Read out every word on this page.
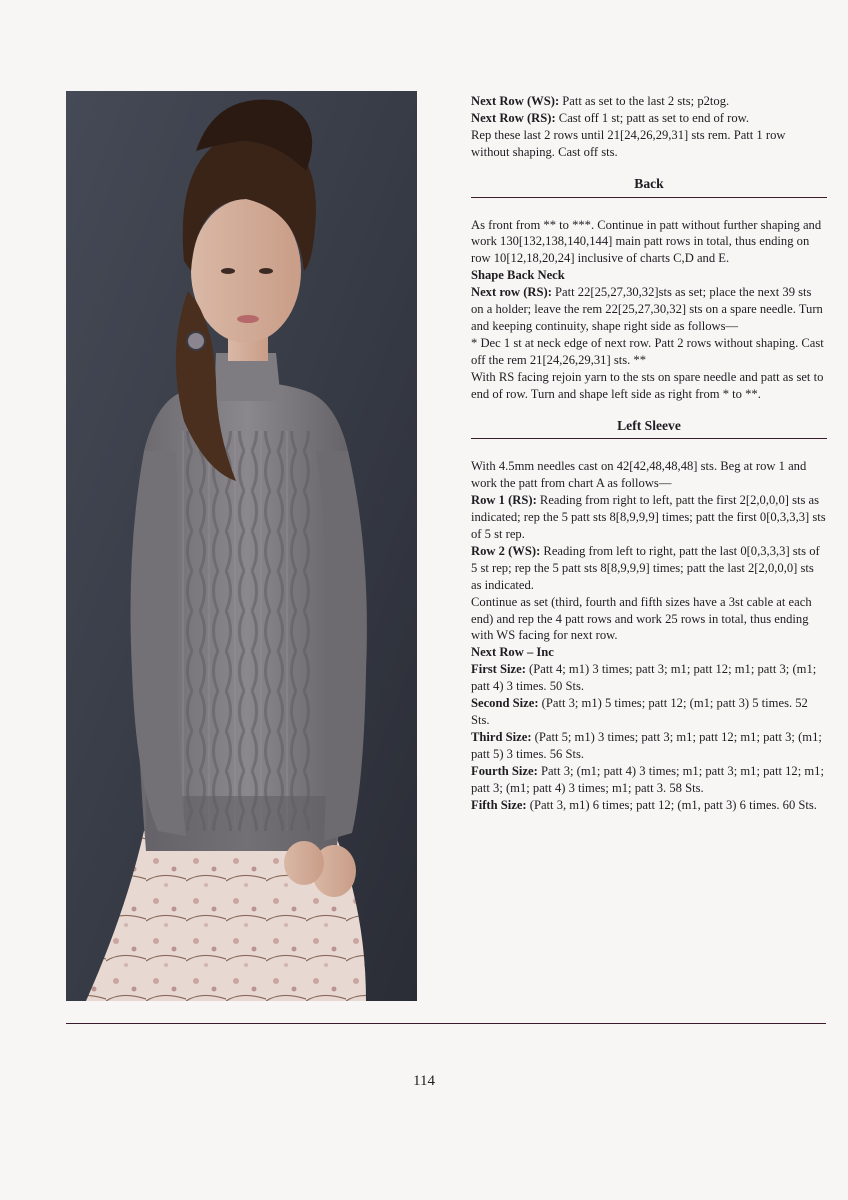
Next Row (WS): Patt as set to the last 2 sts; p2tog.

Next Row (RS): Cast off 1 st; patt as set to end of row.

Rep these last 2 rows until 21[24,26,29,31] sts rem. Patt 1 row without shaping. Cast off sts.

Back

As front from ** to ***. Continue in patt without further shaping and work 130[132,138,140,144] main patt rows in total, thus ending on row 10[12,18,20,24] inclusive of charts C,D and E.

Shape Back Neck

Next row (RS): Patt 22[25,27,30,32]sts as set; place the next 39 sts on a holder; leave the rem 22[25,27,30,32] sts on a spare needle. Turn and keeping continuity, shape right side as follows—

* Dec 1 st at neck edge of next row. Patt 2 rows without shaping. Cast off the rem 21[24,26,29,31] sts. **

With RS facing rejoin yarn to the sts on spare needle and patt as set to end of row. Turn and shape left side as right from * to **.

Left Sleeve

With 4.5mm needles cast on 42[42,48,48,48] sts. Beg at row 1 and work the patt from chart A as follows—

Row 1 (RS): Reading from right to left, patt the first 2[2,0,0,0] sts as indicated; rep the 5 patt sts 8[8,9,9,9] times; patt the first 0[0,3,3,3] sts of 5 st rep.

Row 2 (WS): Reading from left to right, patt the last 0[0,3,3,3] sts of 5 st rep; rep the 5 patt sts 8[8,9,9,9] times; patt the last 2[2,0,0,0] sts as indicated.

Continue as set (third, fourth and fifth sizes have a 3st cable at each end) and rep the 4 patt rows and work 25 rows in total, thus ending with WS facing for next row.

Next Row – Inc

First Size: (Patt 4; m1) 3 times; patt 3; m1; patt 12; m1; patt 3; (m1; patt 4) 3 times. 50 Sts.

Second Size: (Patt 3; m1) 5 times; patt 12; (m1; patt 3) 5 times. 52 Sts.

Third Size: (Patt 5; m1) 3 times; patt 3; m1; patt 12; m1; patt 3; (m1; patt 5) 3 times. 56 Sts.

Fourth Size: Patt 3; (m1; patt 4) 3 times; m1; patt 3; m1; patt 12; m1; patt 3; (m1; patt 4) 3 times; m1; patt 3. 58 Sts.

Fifth Size: (Patt 3, m1) 6 times; patt 12; (m1, patt 3) 6 times. 60 Sts.

114
